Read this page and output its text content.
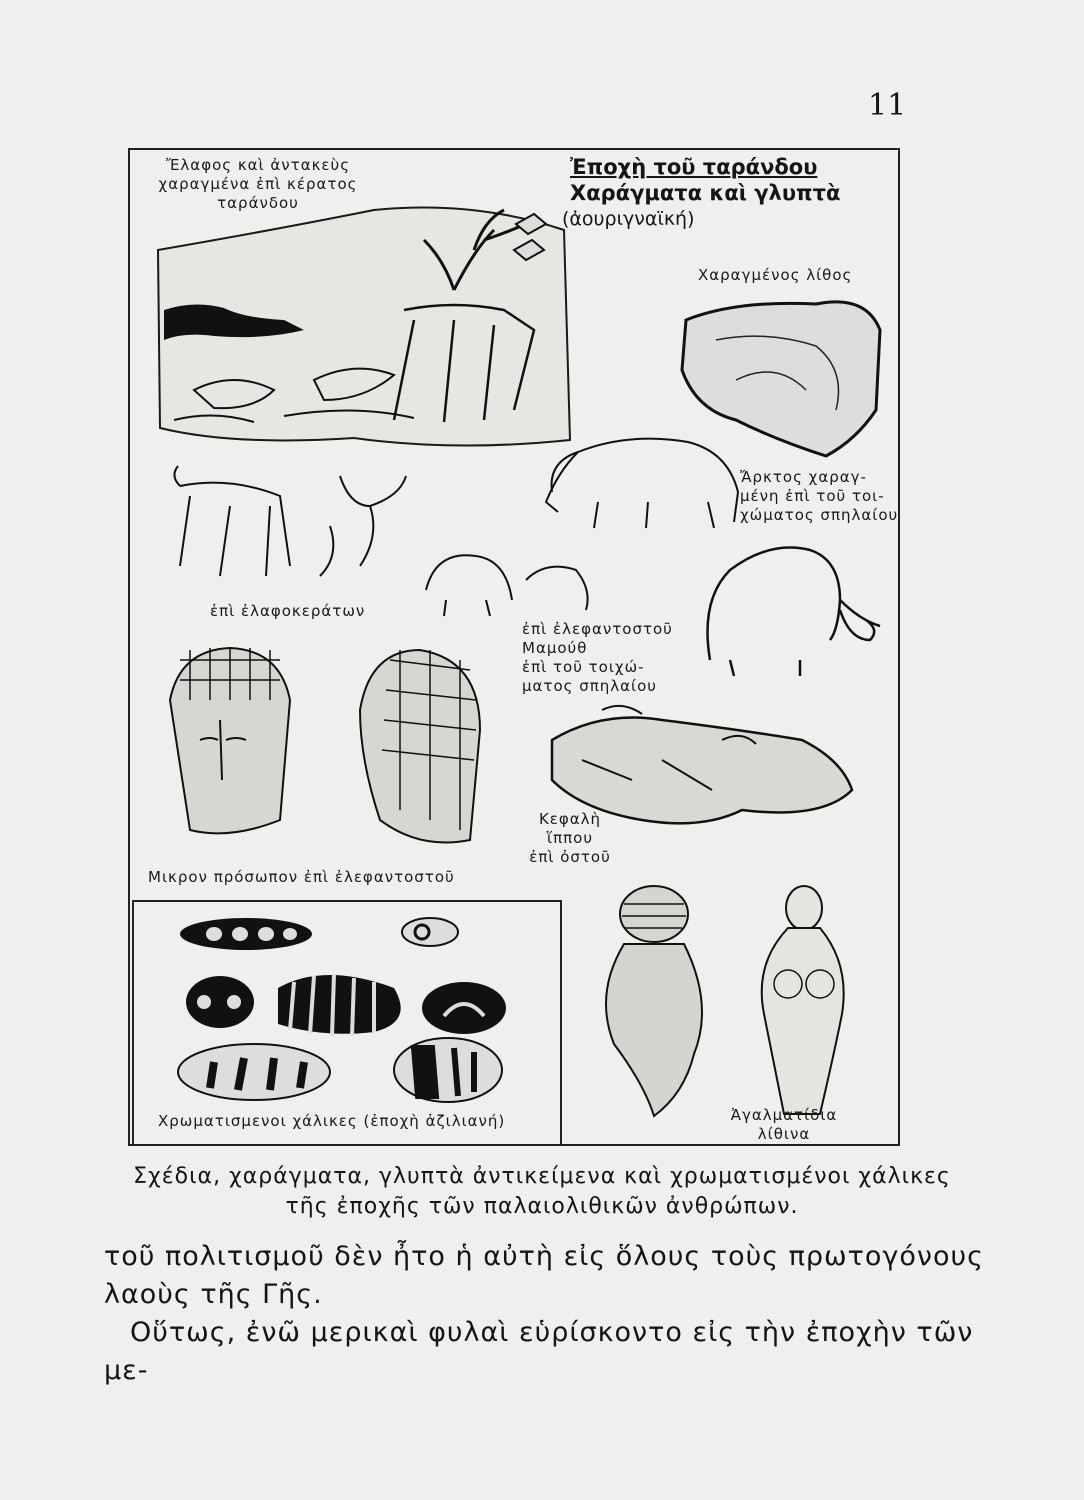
11
Ἔλαφος καὶ ἀντακεὺς
χαραγμένα ἐπὶ κέρατος
ταράνδου
Ἐποχὴ τοῦ ταράνδου
Χαράγματα καὶ γλυπτὰ
(ἀουριγναϊκή)
Χαραγμένος λίθος
Ἄρκτος χαραγ-
μένη ἐπὶ τοῦ τοι-
χώματος σπηλαίου
ἐπὶ ἐλαφοκεράτων
ἐπὶ ἐλεφαντοστοῦ
Μαμούθ
ἐπὶ τοῦ τοιχώ-
ματος σπηλαίου
Μικρον πρόσωπον ἐπὶ ἐλεφαντοστοῦ
Κεφαλὴ
ἵππου
ἐπὶ ὀστοῦ
Χρωματισμενοι χάλικες (ἐποχὴ ἀζιλιανή)	Ἀγαλματίδια
λίθινα
Σχέδια, χαράγματα, γλυπτὰ ἀντικείμενα καὶ χρωματισμένοι χάλικες
τῆς ἐποχῆς τῶν παλαιολιθικῶν ἀνθρώπων.

τοῦ πολιτισμοῦ δὲν ἦτο ἡ αὐτὴ εἰς ὅλους τοὺς πρωτογόνους

λαοὺς τῆς Γῆς.

Οὕτως, ἐνῶ μερικαὶ φυλαὶ εὑρίσκοντο εἰς τὴν ἐποχὴν τῶν με-
